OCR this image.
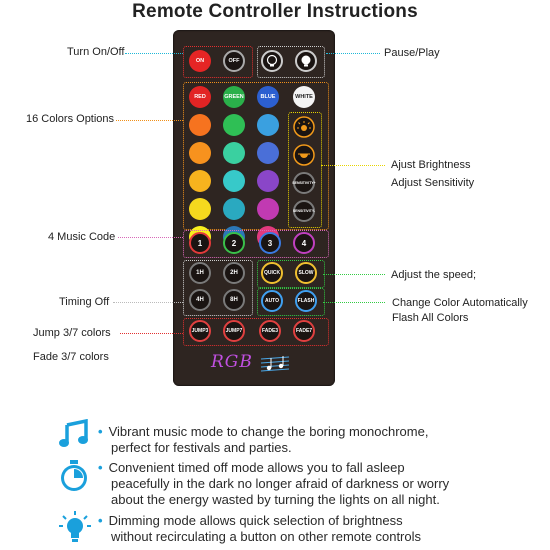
Remote Controller Instructions
ON	OFF
RED	GREEN	BLUE	WHITE
SENSITIVITY+
SENSITIVITY-
1	2	3	4
1H	2H
4H	8H
QUICK	SLOW
AUTO	FLASH
JUMP3	JUMP7	FADE3	FADE7
RGB
Turn On/Off
16 Colors Options
4 Music Code
Timing Off
Jump 3/7 colors
Fade 3/7 colors
Pause/Play
Ajust Brightness
Adjust Sensitivity
Adjust the speed;
Change Color Automatically
Flash All Colors
• Vibrant music mode to change the boring monochrome,
perfect for festivals and parties.
• Convenient timed off mode allows you to fall asleep
peacefully in the dark no longer afraid of darkness or worry
about the energy wasted by turning the lights on all night.
• Dimming mode allows quick selection of brightness
without recirculating a button on other remote controls
